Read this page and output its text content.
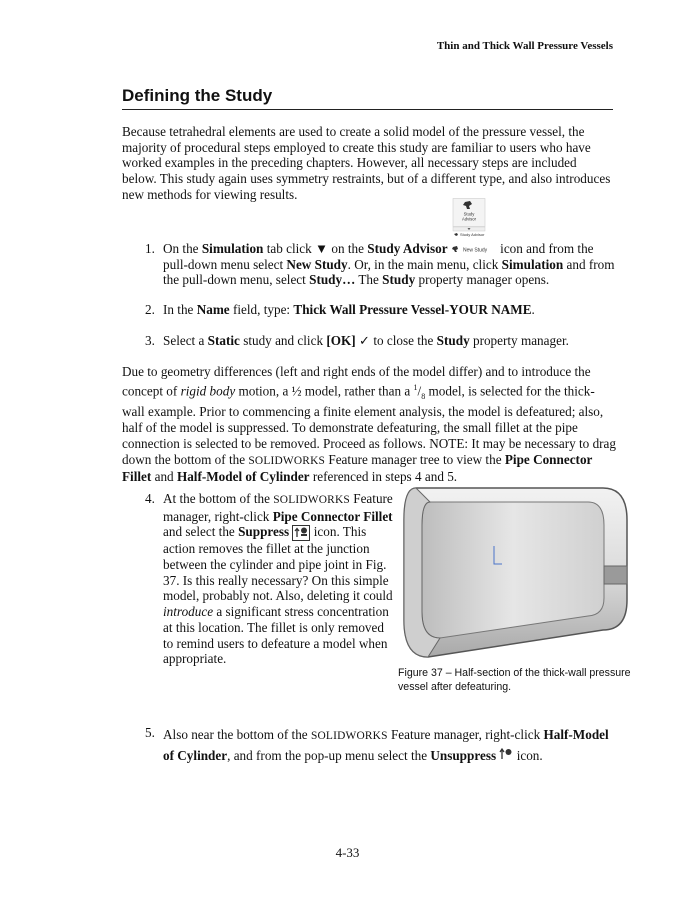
Thin and Thick Wall Pressure Vessels
Defining the Study
Because tetrahedral elements are used to create a solid model of the pressure vessel, the majority of procedural steps employed to create this study are familiar to users who have worked examples in the preceding chapters. However, all necessary steps are included below. This study again uses symmetry restraints, but of a different type, and also introduces new methods for viewing results.
Study
Advisor
Study Advisor
1. On the Simulation tab click ▼ on the Study Advisor	New Study icon and from the pull-down menu select New Study. Or, in the main menu, click Simulation and from the pull-down menu, select Study… The Study property manager opens.
2. In the Name field, type: Thick Wall Pressure Vessel-YOUR NAME.
3. Select a Static study and click [OK] ✓ to close the Study property manager.
Due to geometry differences (left and right ends of the model differ) and to introduce the concept of rigid body motion, a ½ model, rather than a $^1/_8$ model, is selected for the thick-wall example. Prior to commencing a finite element analysis, the model is defeatured; also, half of the model is suppressed. To demonstrate defeaturing, the small fillet at the pipe connection is selected to be removed. Proceed as follows. NOTE: It may be necessary to drag down the bottom of the SOLIDWORKS Feature manager tree to view the Pipe Connector Fillet and Half-Model of Cylinder referenced in steps 4 and 5.
4. At the bottom of the SOLIDWORKS Feature manager, right-click Pipe Connector Fillet and select the Suppress  icon. This action removes the fillet at the junction between the cylinder and pipe joint in Fig. 37. Is this really necessary? On this simple model, probably not. Also, deleting it could introduce a significant stress concentration at this location. The fillet is only removed to remind users to defeature a model when appropriate.
Figure 37 – Half-section of the thick-wall pressure vessel after defeaturing.
5. Also near the bottom of the SOLIDWORKS Feature manager, right-click Half-Model of Cylinder, and from the pop-up menu select the Unsuppress  icon.
4-33
